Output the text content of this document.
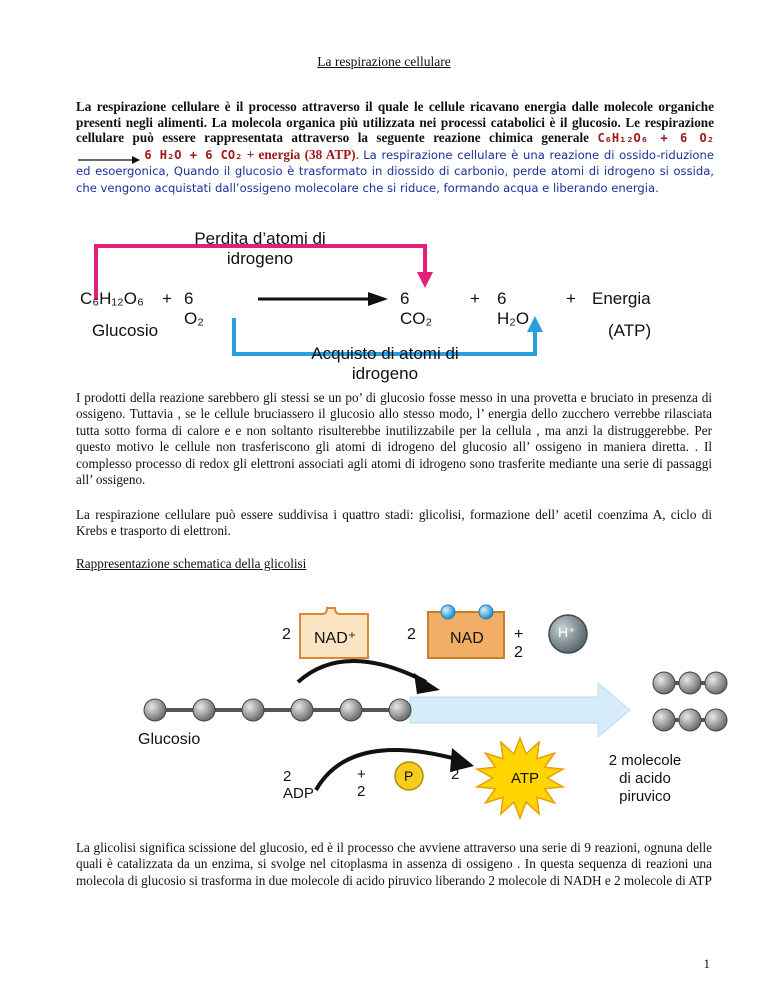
La respirazione cellulare
La respirazione cellulare è il processo attraverso il quale le cellule ricavano energia dalle molecole organiche presenti negli alimenti. La molecola organica più utilizzata nei processi catabolici è il glucosio. Le respirazione cellulare può essere rappresentata attraverso la seguente reazione chimica generale C₆H₁₂O₆ + 6 O₂  6 H₂O + 6 CO₂ + energia (38 ATP). La respirazione cellulare è una reazione di ossido-riduzione ed esoergonica, Quando il glucosio è trasformato in diossido di carbonio, perde atomi di idrogeno si ossida, che vengono acquistati dall’ossigeno molecolare che si riduce, formando acqua e liberando energia.
Perdita d’atomi di
idrogeno
C₆H₁₂O₆ + 6 O₂
6 CO₂
+ 6 H₂O
+ Energia
Glucosio	(ATP)
Acquisto di atomi di
idrogeno
I prodotti della reazione sarebbero gli stessi se un po’ di glucosio fosse messo in una provetta e bruciato in presenza di ossigeno. Tuttavia , se le cellule bruciassero il glucosio allo stesso modo, l’ energia dello zucchero verrebbe rilasciata tutta sotto forma di calore e e non soltanto risulterebbe inutilizzabile per la cellula , ma anzi la distruggerebbe. Per questo motivo le cellule non trasferiscono gli atomi di idrogeno del glucosio all’ ossigeno in maniera diretta. . Il complesso processo di redox gli elettroni associati agli atomi di idrogeno sono trasferite mediante una serie di passaggi all’ ossigeno.
La respirazione cellulare può essere suddivisa i quattro stadi: glicolisi, formazione dell’ acetil coenzima A, ciclo di Krebs e trasporto di elettroni.
Rappresentazione schematica della glicolisi
2 NAD⁺	2 NAD + 2
H⁺
Glucosio
2 ADP
+ 2
P	2	ATP
2 molecole
di acido
piruvico
La glicolisi significa scissione del glucosio, ed è il processo che avviene attraverso una serie di 9 reazioni, ognuna delle quali è catalizzata da un enzima, si svolge nel citoplasma in assenza di ossigeno . In questa sequenza di reazioni una molecola di glucosio si trasforma in due molecole di acido piruvico liberando 2 molecole di NADH e 2 molecole di ATP
1
